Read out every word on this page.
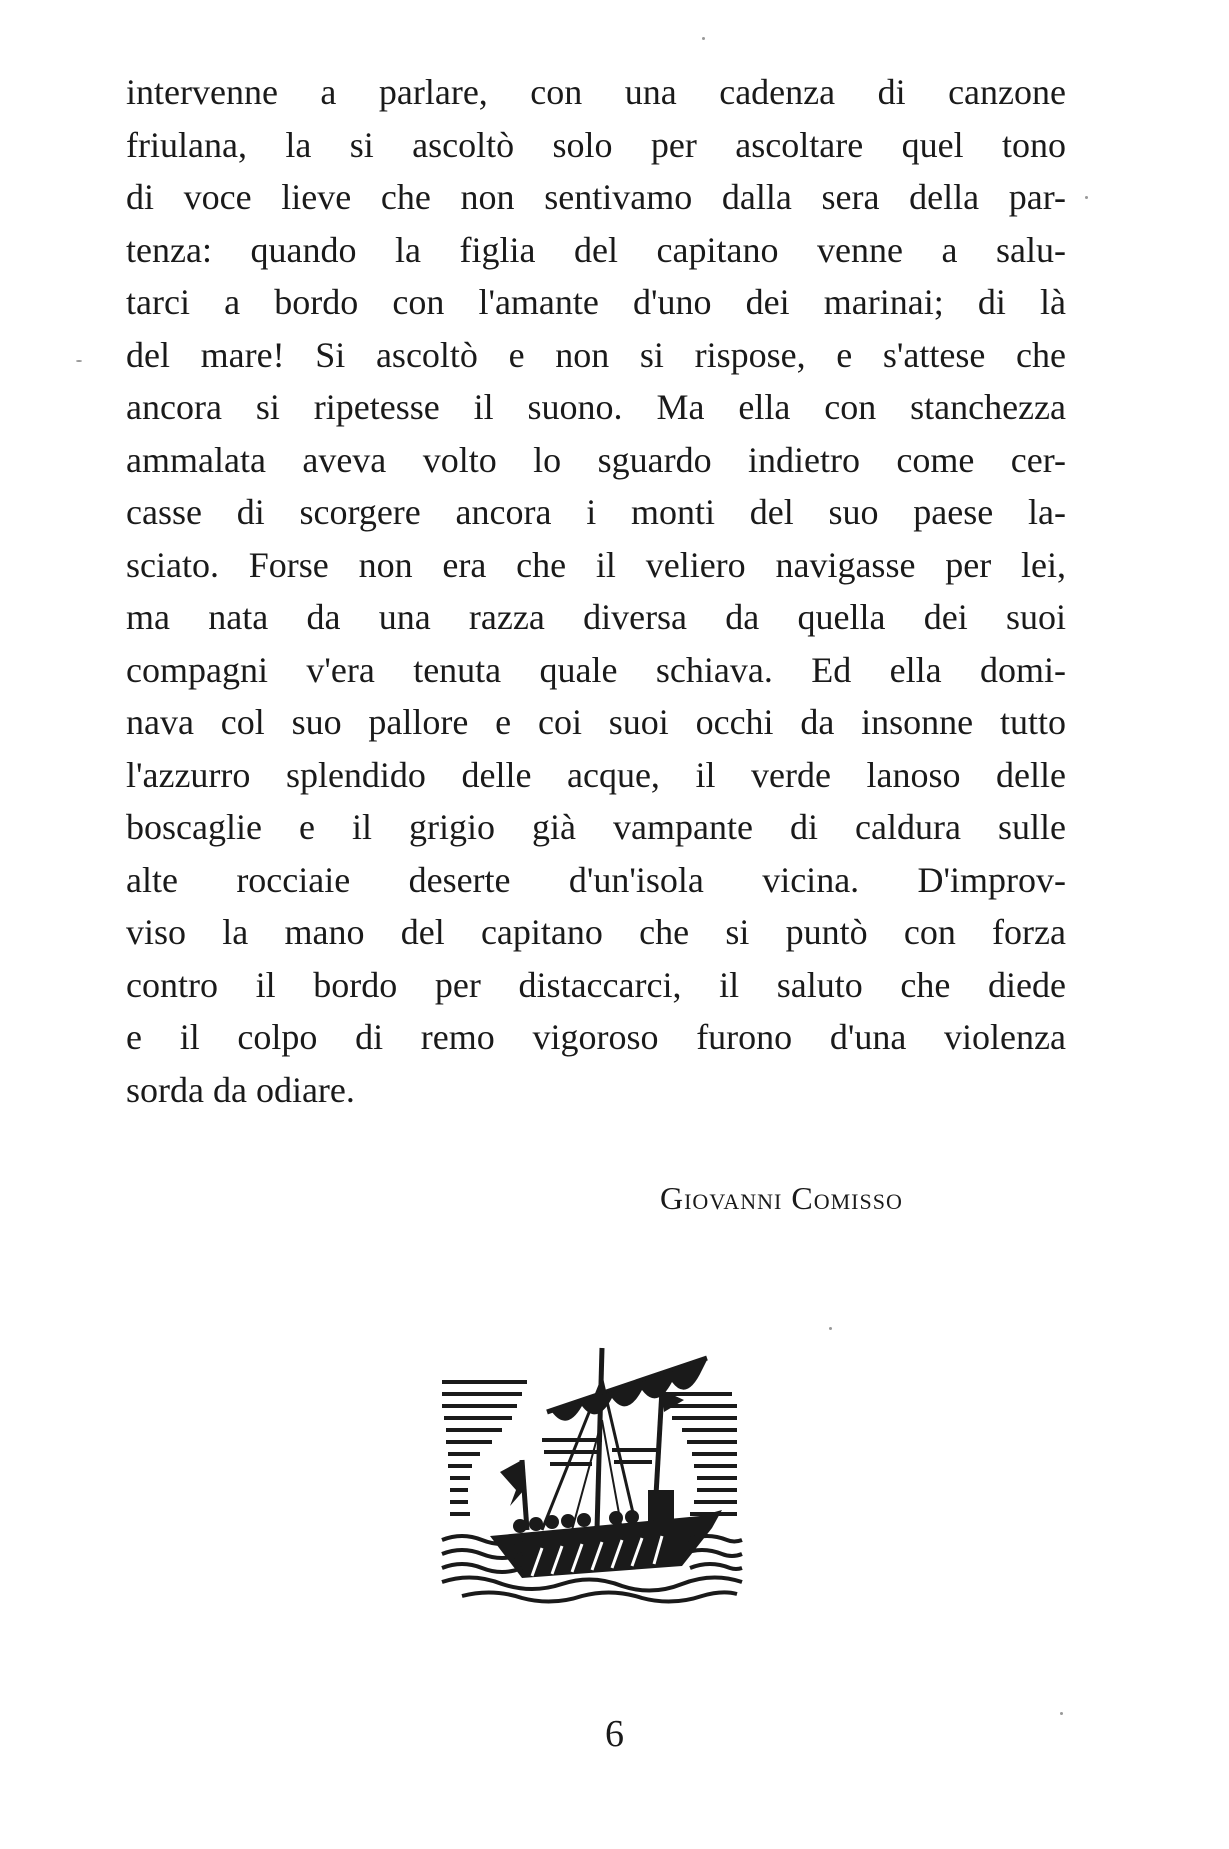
intervenne a parlare, con una cadenza di canzone
friulana, la si ascoltò solo per ascoltare quel tono
di voce lieve che non sentivamo dalla sera della par-
tenza: quando la figlia del capitano venne a salu-
tarci a bordo con l'amante d'uno dei marinai; di là
del mare! Si ascoltò e non si rispose, e s'attese che
ancora si ripetesse il suono. Ma ella con stanchezza
ammalata aveva volto lo sguardo indietro come cer-
casse di scorgere ancora i monti del suo paese la-
sciato. Forse non era che il veliero navigasse per lei,
ma nata da una razza diversa da quella dei suoi
compagni v'era tenuta quale schiava. Ed ella domi-
nava col suo pallore e coi suoi occhi da insonne tutto
l'azzurro splendido delle acque, il verde lanoso delle
boscaglie e il grigio già vampante di caldura sulle
alte rocciaie deserte d'un'isola vicina. D'improv-
viso la mano del capitano che si puntò con forza
contro il bordo per distaccarci, il saluto che diede
e il colpo di remo vigoroso furono d'una violenza
sorda da odiare.
Giovanni Comisso
6
